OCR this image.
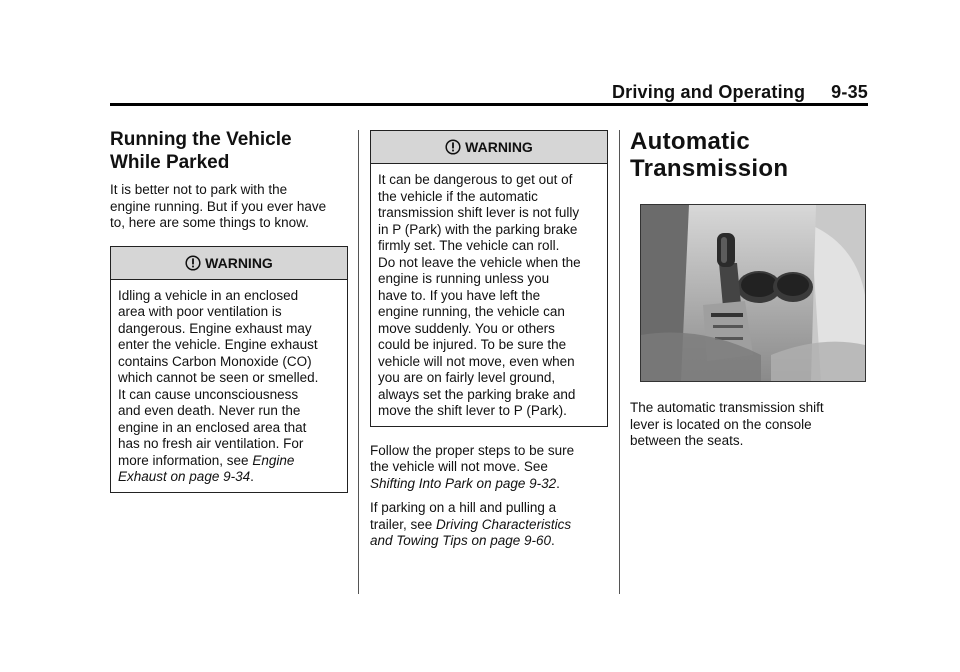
Driving and Operating 9-35
Running the Vehicle
While Parked

It is better not to park with the
engine running. But if you ever have
to, here are some things to know.

WARNING
Idling a vehicle in an enclosed
area with poor ventilation is
dangerous. Engine exhaust may
enter the vehicle. Engine exhaust
contains Carbon Monoxide (CO)
which cannot be seen or smelled.
It can cause unconsciousness
and even death. Never run the
engine in an enclosed area that
has no fresh air ventilation. For
more information, see Engine
Exhaust on page 9-34.
WARNING
It can be dangerous to get out of
the vehicle if the automatic
transmission shift lever is not fully
in P (Park) with the parking brake
firmly set. The vehicle can roll.
Do not leave the vehicle when the
engine is running unless you
have to. If you have left the
engine running, the vehicle can
move suddenly. You or others
could be injured. To be sure the
vehicle will not move, even when
you are on fairly level ground,
always set the parking brake and
move the shift lever to P (Park).

Follow the proper steps to be sure
the vehicle will not move. See
Shifting Into Park on page 9-32.

If parking on a hill and pulling a
trailer, see Driving Characteristics
and Towing Tips on page 9-60.

Automatic
Transmission

The automatic transmission shift
lever is located on the console
between the seats.
